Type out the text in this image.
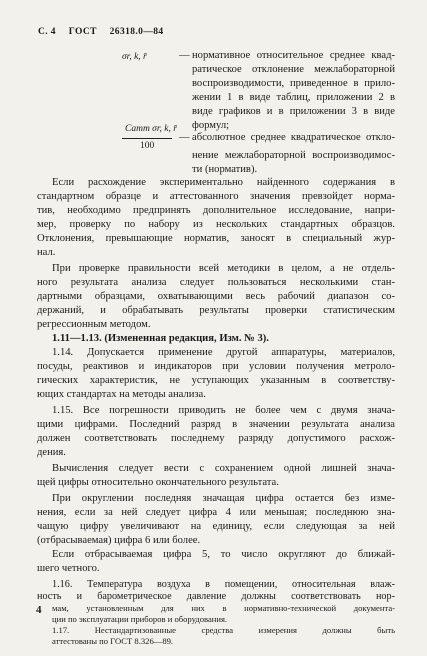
С. 4 ГОСТ 26318.0—84
σr, k, r̄	— нормативное относительное среднее квад-
ратическое отклонение межлабораторной
воспроизводимости, приведенное в прило-
жении 1 в виде таблиц, приложении 2 в
виде графиков и в приложении 3 в виде
формул;
Cатт σr, k, r̄
100
— абсолютное среднее квадратическое откло-
нение межлабораторной воспроизводимос-
ти (норматив).
Если расхождение экспериментально найденного содержания в
стандартном образце и аттестованного значения превзойдет норма-
тив, необходимо предпринять дополнительное исследование, напри-
мер, проверку по набору из нескольких стандартных образцов.
Отклонения, превышающие норматив, заносят в специальный жур-
нал.
При проверке правильности всей методики в целом, а не отдель-
ного результата анализа следует пользоваться несколькими стан-
дартными образцами, охватывающими весь рабочий диапазон со-
держаний, и обрабатывать результаты проверки статистическим
регрессионным методом.
1.11—1.13. (Измененная редакция, Изм. № 3).
1.14. Допускается применение другой аппаратуры, материалов,
посуды, реактивов и индикаторов при условии получения метроло-
гических характеристик, не уступающих указанным в соответству-
ющих стандартах на методы анализа.
1.15. Все погрешности приводить не более чем с двумя знача-
щими цифрами. Последний разряд в значении результата анализа
должен соответствовать последнему разряду допустимого расхож-
дения.
Вычисления следует вести с сохранением одной лишней знача-
щей цифры относительно окончательного результата.
При округлении последняя значащая цифра остается без изме-
нения, если за ней следует цифра 4 или меньшая; последнюю зна-
чащую цифру увеличивают на единицу, если следующая за ней
(отбрасываемая) цифра 6 или более.
Если отбрасываемая цифра 5, то число округляют до ближай-
шего четного.
1.16. Температура воздуха в помещении, относительная влаж-
ность и барометрическое давление должны соответствовать нор-
4 мам, установленным для них в нормативно-технической документа-
ции по эксплуатации приборов и оборудования.
1.17. Нестандартизованные средства измерения должны быть
аттестованы по ГОСТ 8.326—89.
